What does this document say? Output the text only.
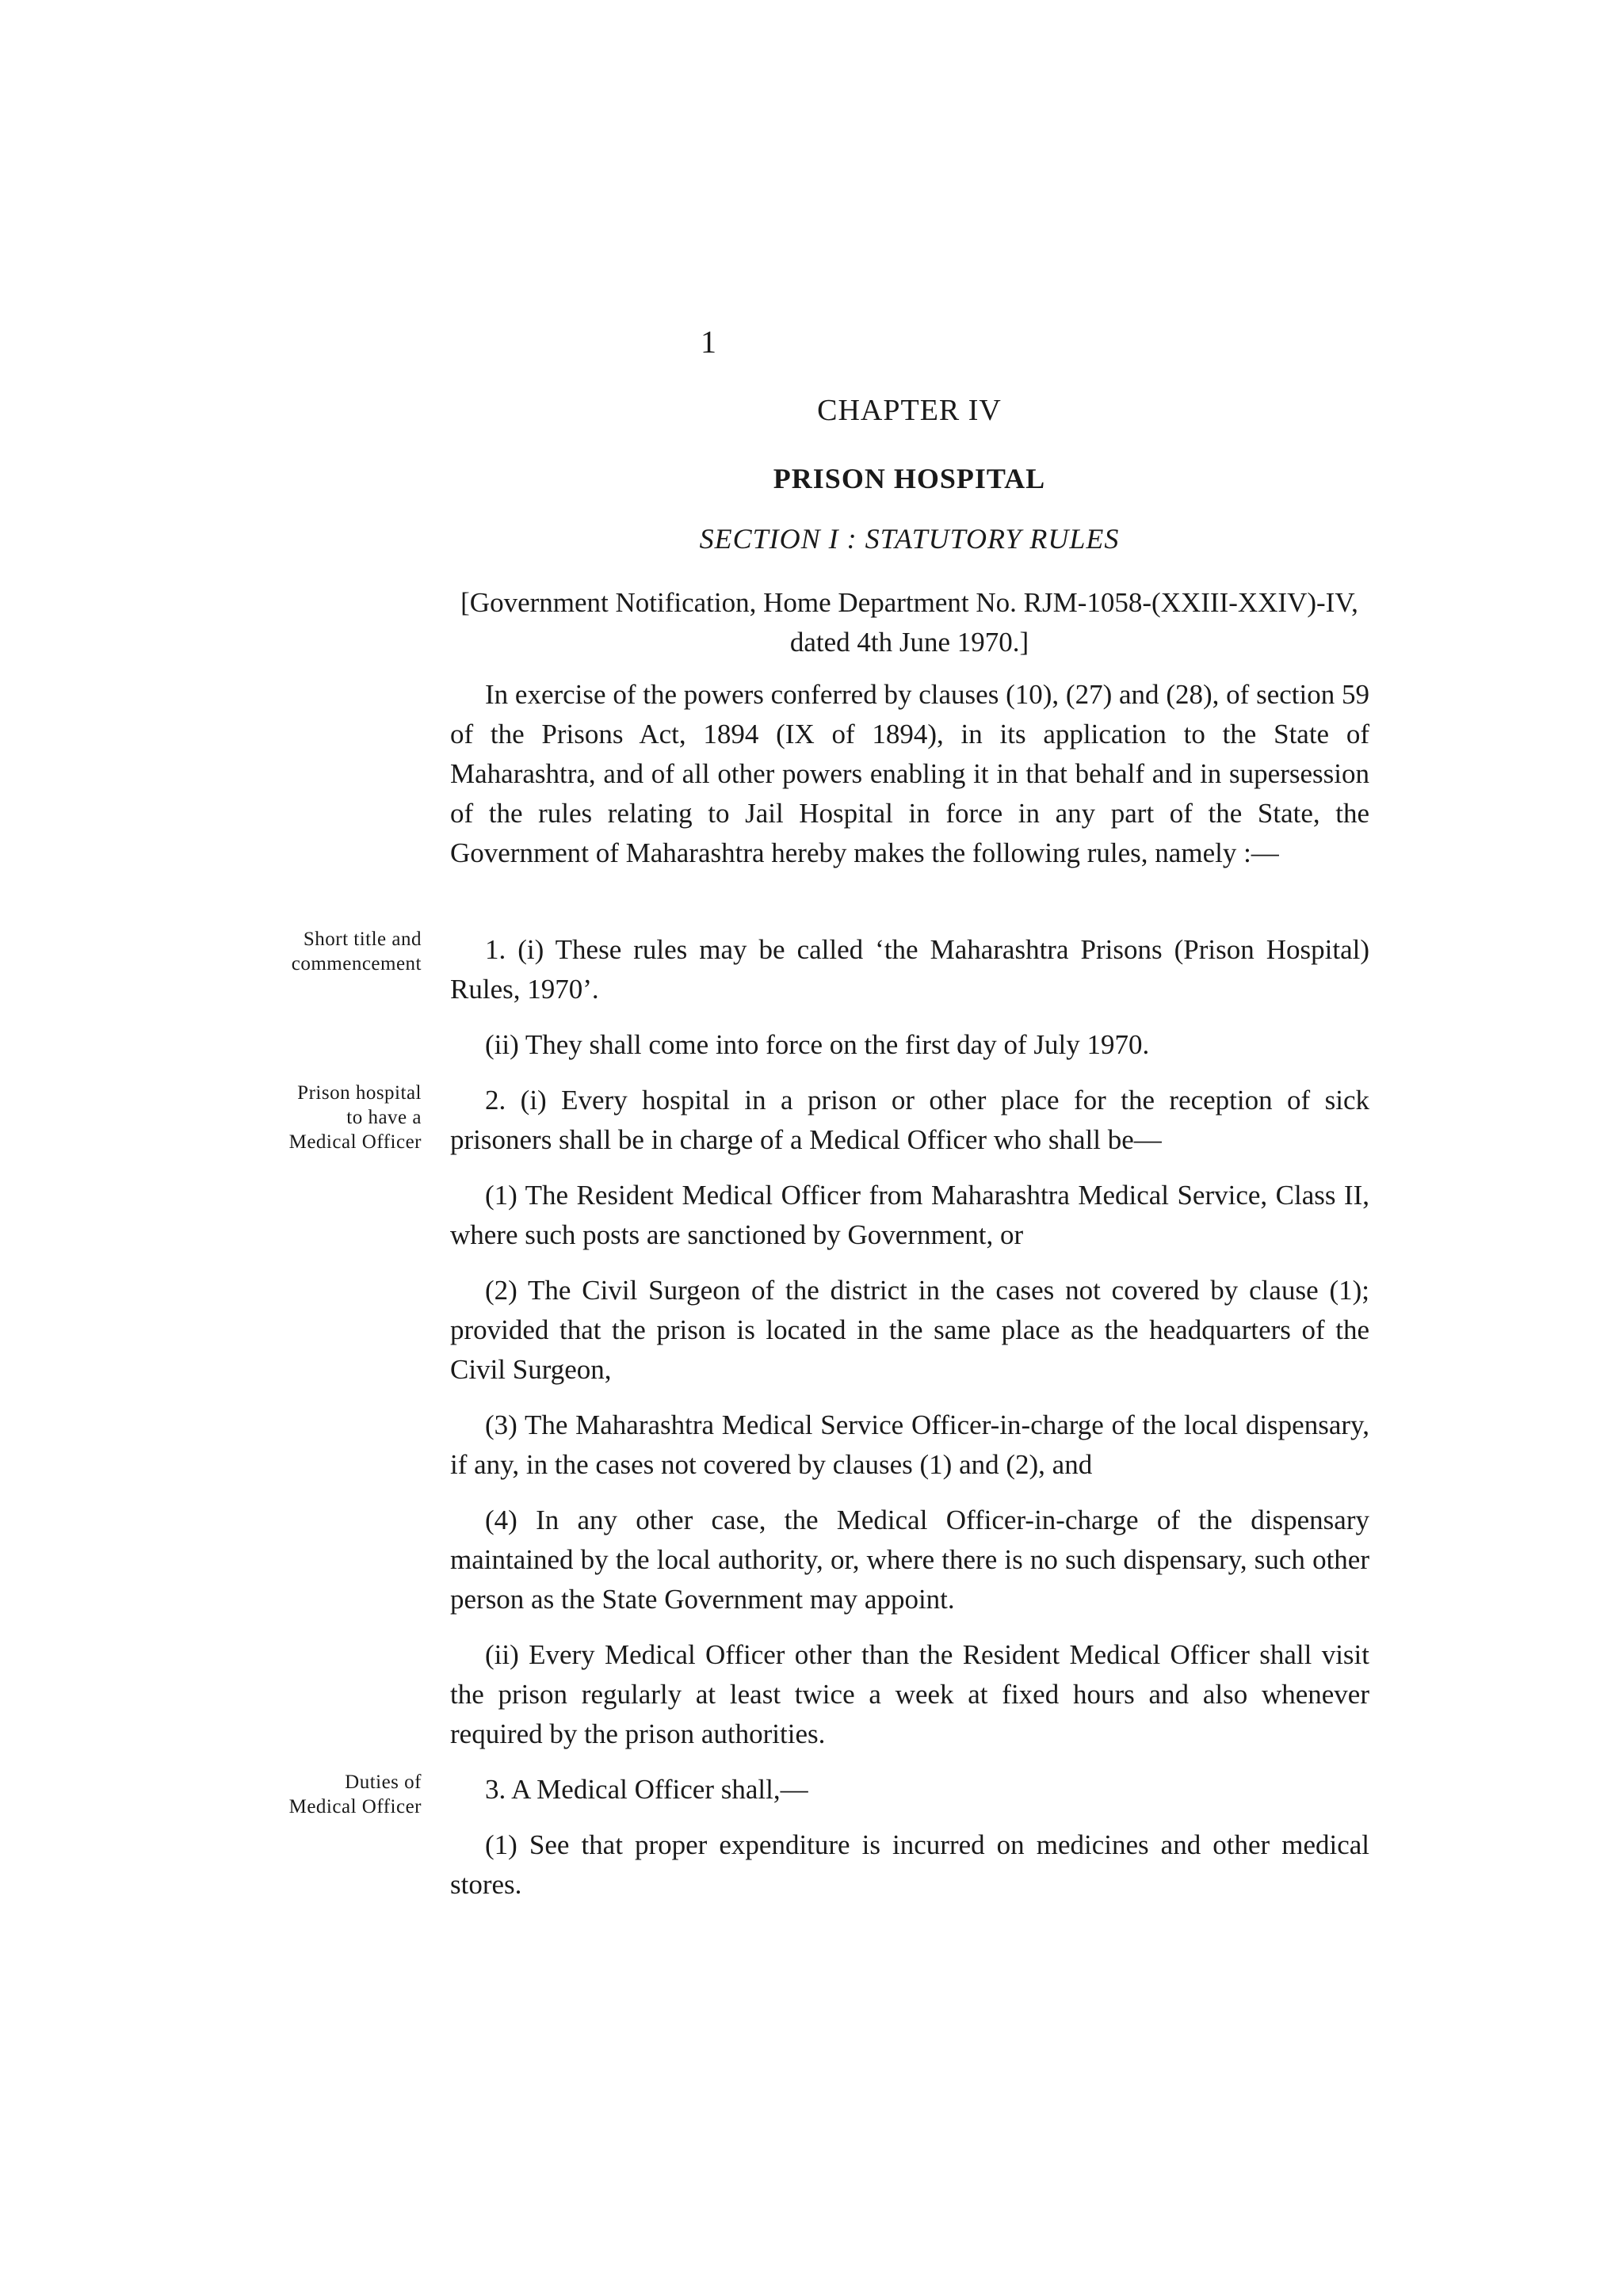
1
CHAPTER IV
PRISON HOSPITAL
SECTION I : STATUTORY RULES
[Government Notification, Home Department No. RJM-1058-(XXIII-XXIV)-IV, dated 4th June 1970.]

In exercise of the powers conferred by clauses (10), (27) and (28), of section 59 of the Prisons Act, 1894 (IX of 1894), in its application to the State of Maharashtra, and of all other powers enabling it in that behalf and in supersession of the rules relating to Jail Hospital in force in any part of the State, the Government of Maharashtra hereby makes the following rules, namely :—

1. (i) These rules may be called ‘the Maharashtra Prisons (Prison Hospital) Rules, 1970’.

(ii) They shall come into force on the first day of July 1970.

2. (i) Every hospital in a prison or other place for the reception of sick prisoners shall be in charge of a Medical Officer who shall be—

(1) The Resident Medical Officer from Maharashtra Medical Service, Class II, where such posts are sanctioned by Government, or

(2) The Civil Surgeon of the district in the cases not covered by clause (1); provided that the prison is located in the same place as the headquarters of the Civil Surgeon,

(3) The Maharashtra Medical Service Officer-in-charge of the local dispensary, if any, in the cases not covered by clauses (1) and (2), and

(4) In any other case, the Medical Officer-in-charge of the dispensary maintained by the local authority, or, where there is no such dispensary, such other person as the State Government may appoint.

(ii) Every Medical Officer other than the Resident Medical Officer shall visit the prison regularly at least twice a week at fixed hours and also whenever required by the prison authorities.

3. A Medical Officer shall,—

(1) See that proper expenditure is incurred on medicines and other medical stores.

Short title and
commencement
Prison hospital
to have a
Medical Officer
Duties of
Medical Officer
